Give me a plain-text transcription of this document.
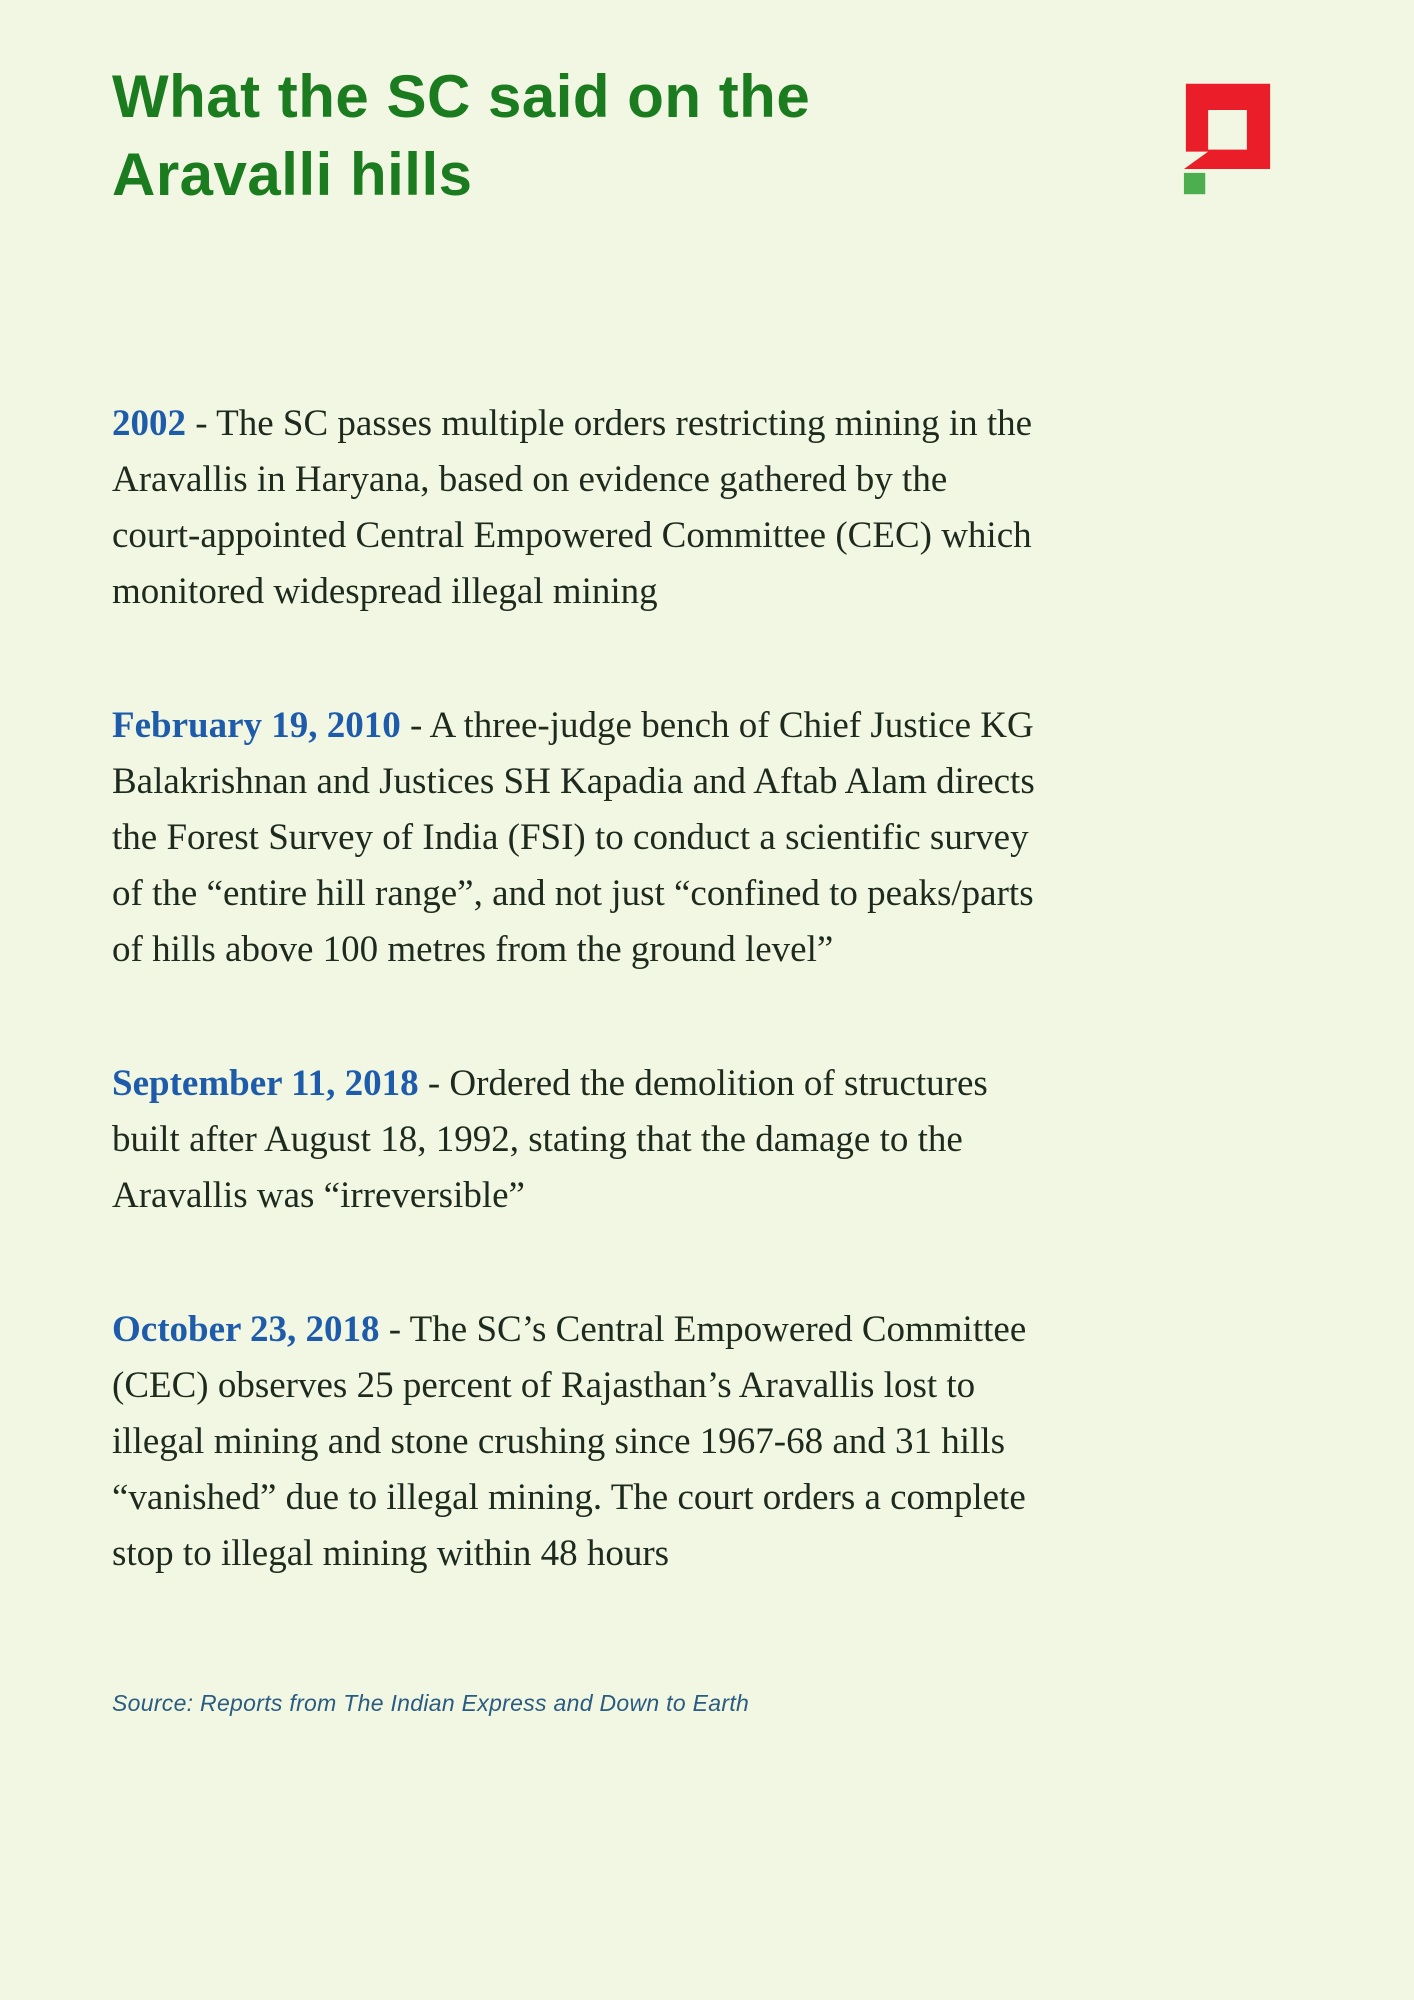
What the SC said on the Aravalli hills

2002 - The SC passes multiple orders restricting mining in the Aravallis in Haryana, based on evidence gathered by the court-appointed Central Empowered Committee (CEC) which monitored widespread illegal mining

February 19, 2010 - A three-judge bench of Chief Justice KG Balakrishnan and Justices SH Kapadia and Aftab Alam directs the Forest Survey of India (FSI) to conduct a scientific survey of the “entire hill range”, and not just “confined to peaks/parts of hills above 100 metres from the ground level”

September 11, 2018 - Ordered the demolition of structures built after August 18, 1992, stating that the damage to the Aravallis was “irreversible”

October 23, 2018 - The SC’s Central Empowered Committee (CEC) observes 25 percent of Rajasthan’s Aravallis lost to illegal mining and stone crushing since 1967-68 and 31 hills “vanished” due to illegal mining. The court orders a complete stop to illegal mining within 48 hours

Source: Reports from The Indian Express and Down to Earth
